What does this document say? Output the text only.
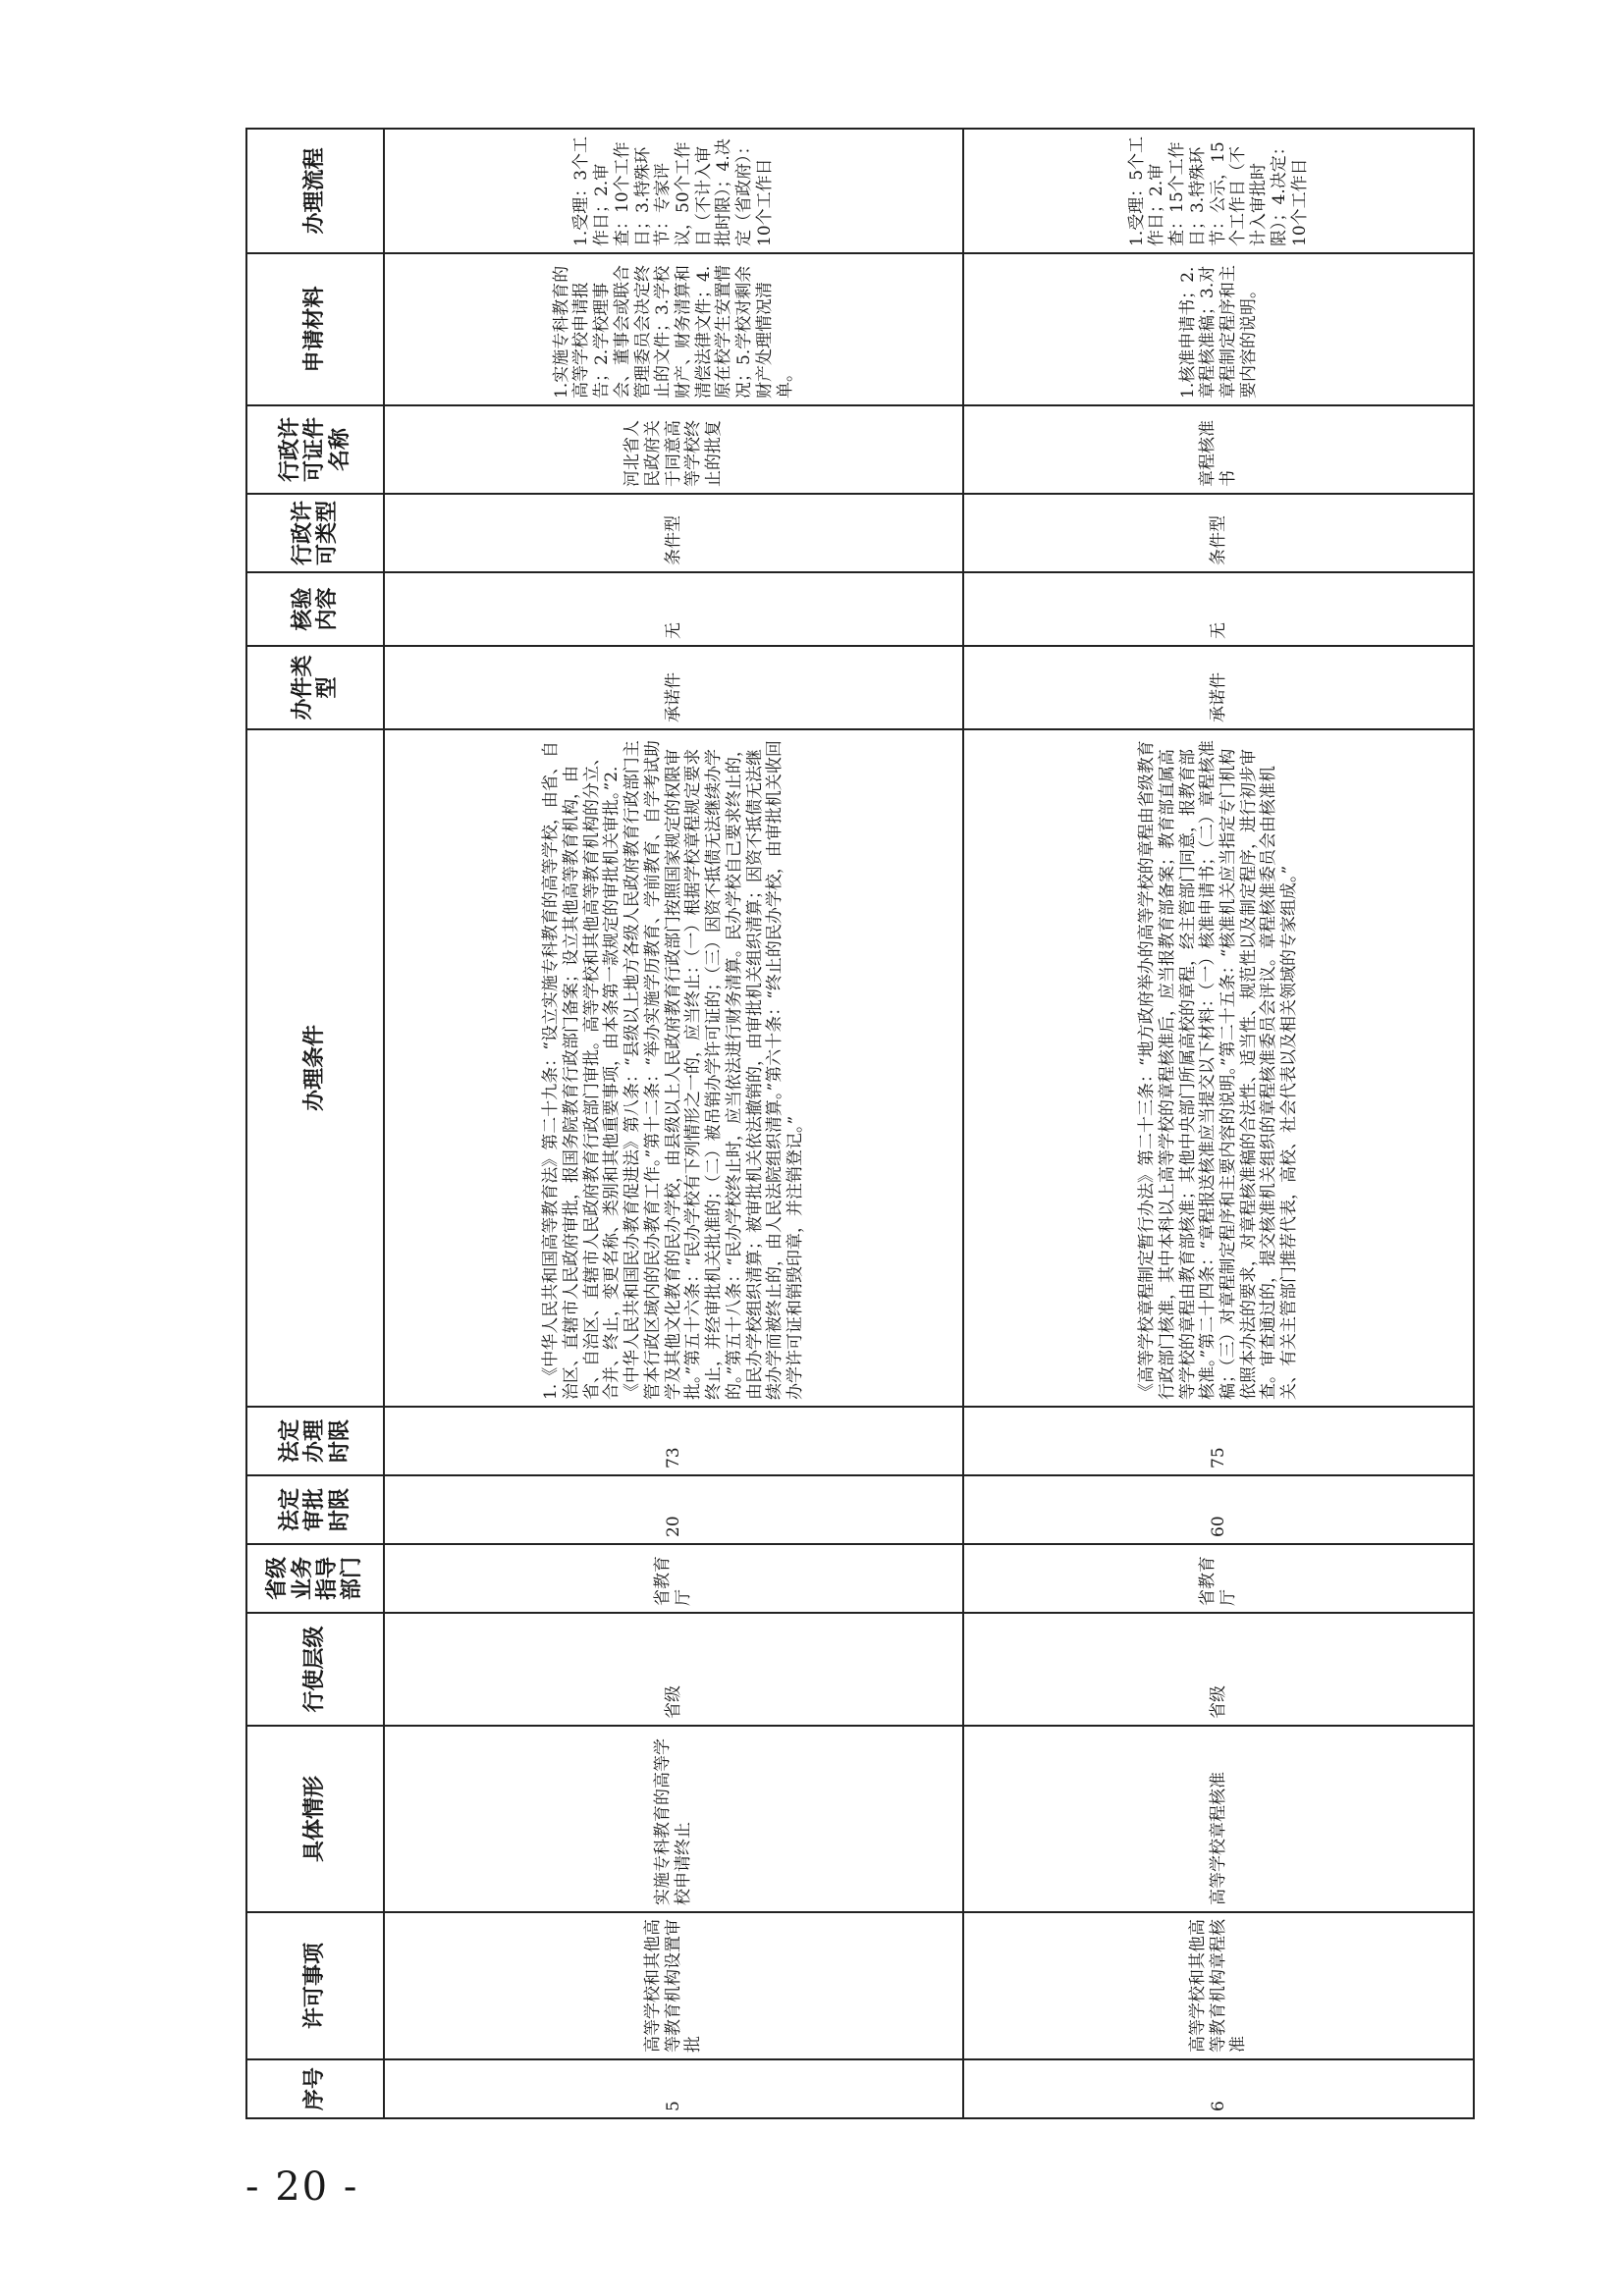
序号	许可事项	具体情形	行使层级	省级业务指导部门	法定审批时限	法定办理时限	办理条件	办件类型	核验内容	行政许可类型	行政许可证件名称	申请材料	办理流程
5	高等学校和其他高等教育机构设置审批	实施专科教育的高等学校申请终止	省级	省教育厅	20	73	1.《中华人民共和国高等教育法》第二十九条：“设立实施专科教育的高等学校，由省、自治区、直辖市人民政府审批，报国务院教育行政部门备案；设立其他高等教育机构，由省、自治区、直辖市人民政府教育行政部门审批。高等学校和其他高等教育机构的分立、合并、终止，变更名称、类别和其他重要事项，由本条第一款规定的审批机关审批。”2.《中华人民共和国民办教育促进法》第八条：“县级以上地方各级人民政府教育行政部门主管本行政区域内的民办教育工作。”第十二条：“举办实施学历教育、学前教育、自学考试助学及其他文化教育的民办学校，由县级以上人民政府教育行政部门按照国家规定的权限审批。”第五十六条：“民办学校有下列情形之一的，应当终止：（一）根据学校章程规定要求终止，并经审批机关批准的；（二）被吊销办学许可证的；（三）因资不抵债无法继续办学的。”第五十八条：“民办学校终止时，应当依法进行财务清算。民办学校自己要求终止的，由民办学校组织清算；被审批机关依法撤销的，由审批机关组织清算；因资不抵债无法继续办学而被终止的，由人民法院组织清算。”第六十条：“终止的民办学校，由审批机关收回办学许可证和销毁印章，并注销登记。”	承诺件	无	条件型	河北省人民政府关于同意高等学校终止的批复	1.实施专科教育的高等学校申请报告；2.学校理事会、董事会或联合管理委员会决定终止的文件；3.学校财产、财务清算和清偿法律文件；4.原在校学生安置情况；5.学校对剩余财产处理情况清单。	1.受理：3个工作日；2.审查：10个工作日；3.特殊环节：专家评议，50个工作日（不计入审批时限）；4.决定（省政府）：10个工作日
6	高等学校和其他高等教育机构章程核准	高等学校章程核准	省级	省教育厅	60	75	《高等学校章程制定暂行办法》第二十三条：“地方政府举办的高等学校的章程由省级教育行政部门核准，其中本科以上高等学校的章程核准后，应当报教育部备案；教育部直属高等学校的章程由教育部核准；其他中央部门所属高校的章程，经主管部门同意，报教育部核准。”第二十四条：“章程报送核准应当提交以下材料：（一）核准申请书；（二）章程核准稿；（三）对章程制定程序和主要内容的说明。”第二十五条：“核准机关应当指定专门机构依照本办法的要求，对章程核准稿的合法性、适当性、规范性以及制定程序，进行初步审查。审查通过的，提交核准机关组织的章程核准委员会评议。章程核准委员会由核准机关、有关主管部门推荐代表，高校、社会代表以及相关领域的专家组成。”	承诺件	无	条件型	章程核准书	1.核准申请书；2.章程核准稿；3.对章程制定程序和主要内容的说明。	1.受理：5个工作日；2.审查：15个工作日；3.特殊环节：公示，15个工作日（不计入审批时限）；4.决定：10个工作日
- 20 -
